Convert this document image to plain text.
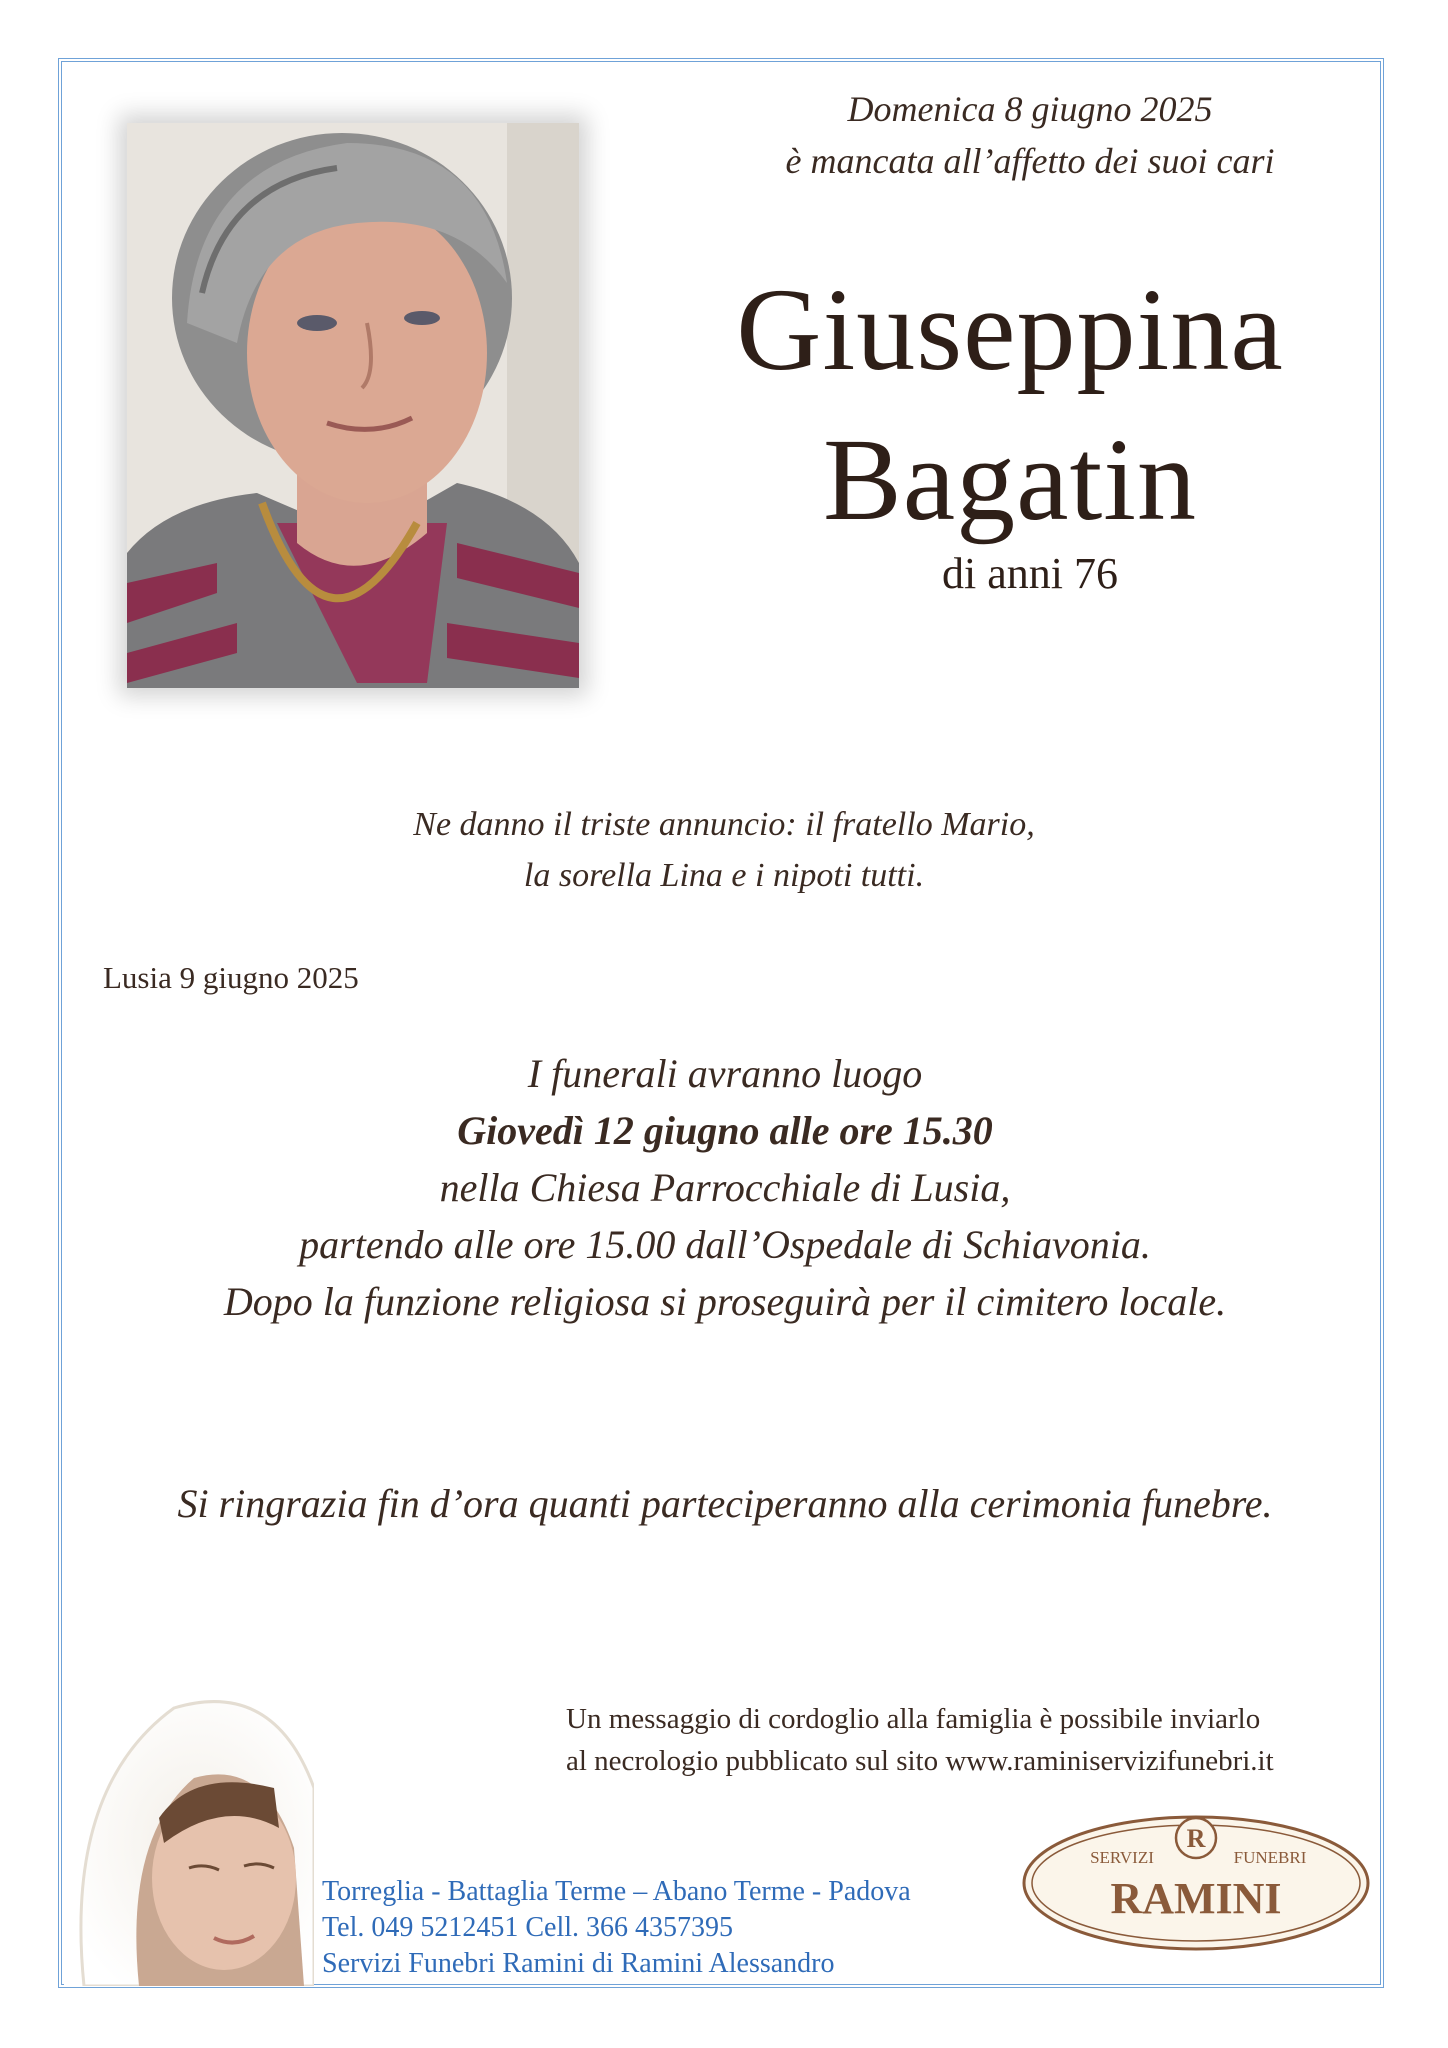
Domenica 8 giugno 2025
è mancata all’affetto dei suoi cari
Giuseppina
Bagatin
di anni 76
Ne danno il triste annuncio: il fratello Mario,
la sorella Lina e i nipoti tutti.
Lusia 9 giugno 2025
I funerali avranno luogo
Giovedì 12 giugno alle ore 15.30
nella Chiesa Parrocchiale di Lusia,
partendo alle ore 15.00 dall’Ospedale di Schiavonia.
Dopo la funzione religiosa si proseguirà per il cimitero locale.
Si ringrazia fin d’ora quanti parteciperanno alla cerimonia funebre.
Un messaggio di cordoglio alla famiglia è possibile inviarlo
al necrologio pubblicato sul sito www.raminiservizifunebri.it
Torreglia - Battaglia Terme – Abano Terme - Padova
Tel. 049 5212451 Cell. 366 4357395
Servizi Funebri Ramini di Ramini Alessandro
R
SERVIZI	FUNEBRI
RAMINI
